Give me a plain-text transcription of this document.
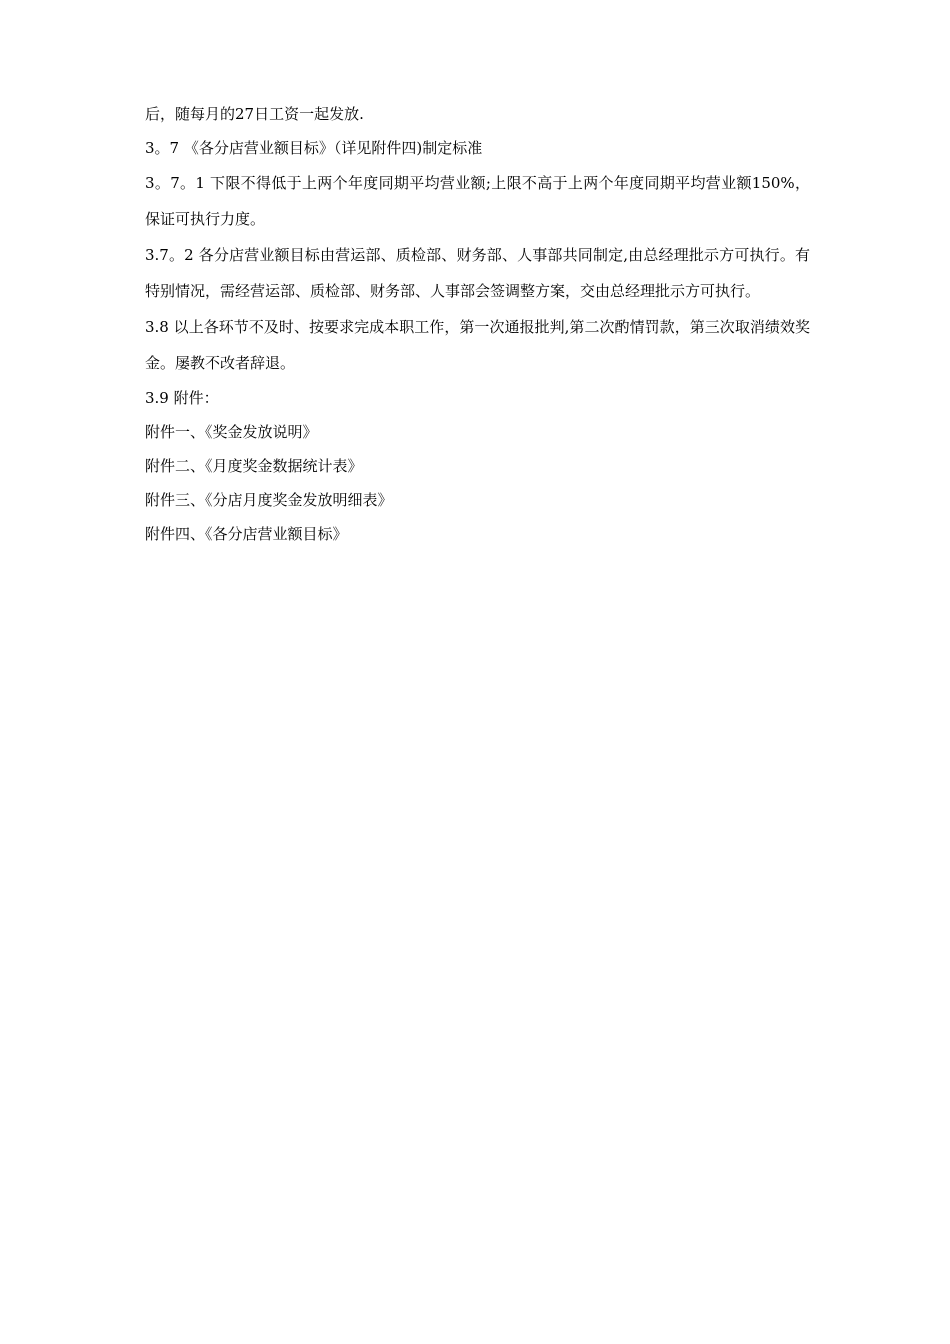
后，随每月的27日工资一起发放.

3。7 《各分店营业额目标》（详见附件四)制定标准

3。7。1 下限不得低于上两个年度同期平均营业额;上限不高于上两个年度同期平均营业额150%，保证可执行力度。

3.7。2 各分店营业额目标由营运部、质检部、财务部、人事部共同制定,由总经理批示方可执行。有特别情况，需经营运部、质检部、财务部、人事部会签调整方案，交由总经理批示方可执行。

3.8 以上各环节不及时、按要求完成本职工作，第一次通报批判,第二次酌情罚款，第三次取消绩效奖金。屡教不改者辞退。

3.9 附件：

附件一、《奖金发放说明》

附件二、《月度奖金数据统计表》

附件三、《分店月度奖金发放明细表》

附件四、《各分店营业额目标》
